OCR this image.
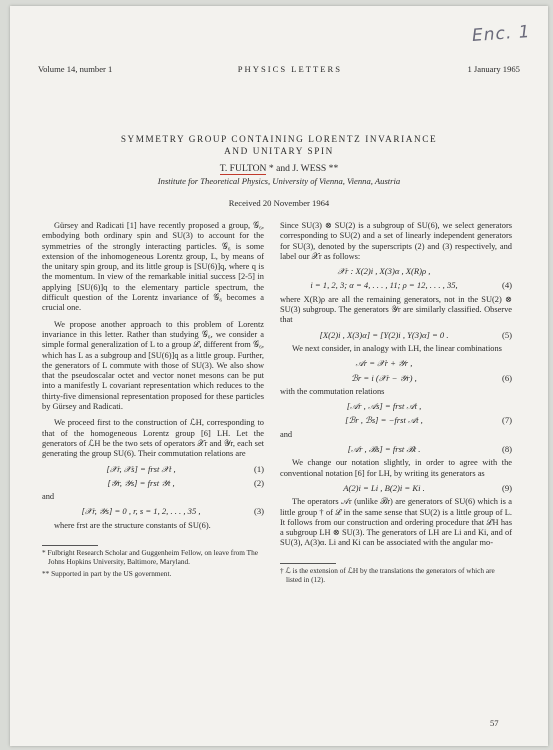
Enc. 1
Volume 14, number 1	PHYSICS LETTERS	1 January 1965
SYMMETRY GROUP CONTAINING LORENTZ INVARIANCE
AND UNITARY SPIN
T. FULTON * and J. WESS **
Institute for Theoretical Physics, University of Vienna, Vienna, Austria
Received 20 November 1964

Gürsey and Radicati [1] have recently proposed a group, 𝒢₆, embodying both ordinary spin and SU(3) to account for the symmetries of the strongly interacting particles. 𝒢₆ is some extension of the inhomogeneous Lorentz group, L, by means of the unitary spin group, and its little group is [SU(6)]q, where q is the momentum. In view of the remarkable initial success [2-5] in applying [SU(6)]q to the elementary particle spectrum, the difficult question of the Lorentz invariance of 𝒢₆ becomes a crucial one.

We propose another approach to this problem of Lorentz invariance in this letter. Rather than studying 𝒢₆, we consider a simple formal generalization of L to a group ℒ, different from 𝒢₆, which has L as a subgroup and [SU(6)]q as a little group. Further, the generators of L commute with those of SU(3). We also show that the pseudoscalar octet and vector nonet mesons can be put into a manifestly L covariant representation which reduces to the thirty-five dimensional representation proposed for these particles by Gürsey and Radicati.

We proceed first to the construction of ℒH, corresponding to that of the homogeneous Lorentz group [6] LH. Let the generators of ℒH be the two sets of operators 𝒳r and 𝒴r, each set generating the group SU(6). Their commutation relations are

[𝒳r, 𝒳s] = frst 𝒳t ,	(1)
[𝒴r, 𝒴s] = frst 𝒴t ,	(2)
and
[𝒳r, 𝒴s] = 0 , r, s = 1, 2, . . . , 35 ,	(3)

where frst are the structure constants of SU(6).

* Fulbright Research Scholar and Guggenheim Fellow, on leave from The Johns Hopkins University, Baltimore, Maryland.
** Supported in part by the US government.

Since SU(3) ⊗ SU(2) is a subgroup of SU(6), we select generators corresponding to SU(2) and a set of linearly independent generators for SU(3), denoted by the superscripts (2) and (3) respectively, and label our 𝒳r as follows:

𝒳r : X(2)i , X(3)α , X(R)ρ ,
i = 1, 2, 3; α = 4, . . . , 11; ρ = 12, . . . , 35,	(4)

where X(R)ρ are all the remaining generators, not in the SU(2) ⊗ SU(3) subgroup. The generators 𝒴r are similarly classified. Observe that

[X(2)i , X(3)α] = [Y(2)i , Y(3)α] = 0 .	(5)

We next consider, in analogy with LH, the linear combinations

𝒜r = 𝒳r + 𝒴r ,
ℬr = i (𝒳r − 𝒴r) ,	(6)

with the commutation relations

[𝒜r , 𝒜s] = frst 𝒜t ,
[ℬr , ℬs] = −frst 𝒜t ,	(7)
and
[𝒜r , ℬs] = frst ℬt .	(8)

We change our notation slightly, in order to agree with the conventional notation [6] for LH, by writing its generators as

A(2)i = Li , B(2)i = Ki .	(9)

The operators 𝒜r (unlike ℬr) are generators of SU(6) which is a little group † of ℒ in the same sense that SU(2) is a little group of L. It follows from our construction and ordering procedure that ℒH has a subgroup LH ⊗ SU(3). The generators of LH are Li and Ki, and of SU(3), A(3)α. Li and Ki can be associated with the angular mo-

† ℒ is the extension of ℒH by the translations the generators of which are listed in (12).
57
